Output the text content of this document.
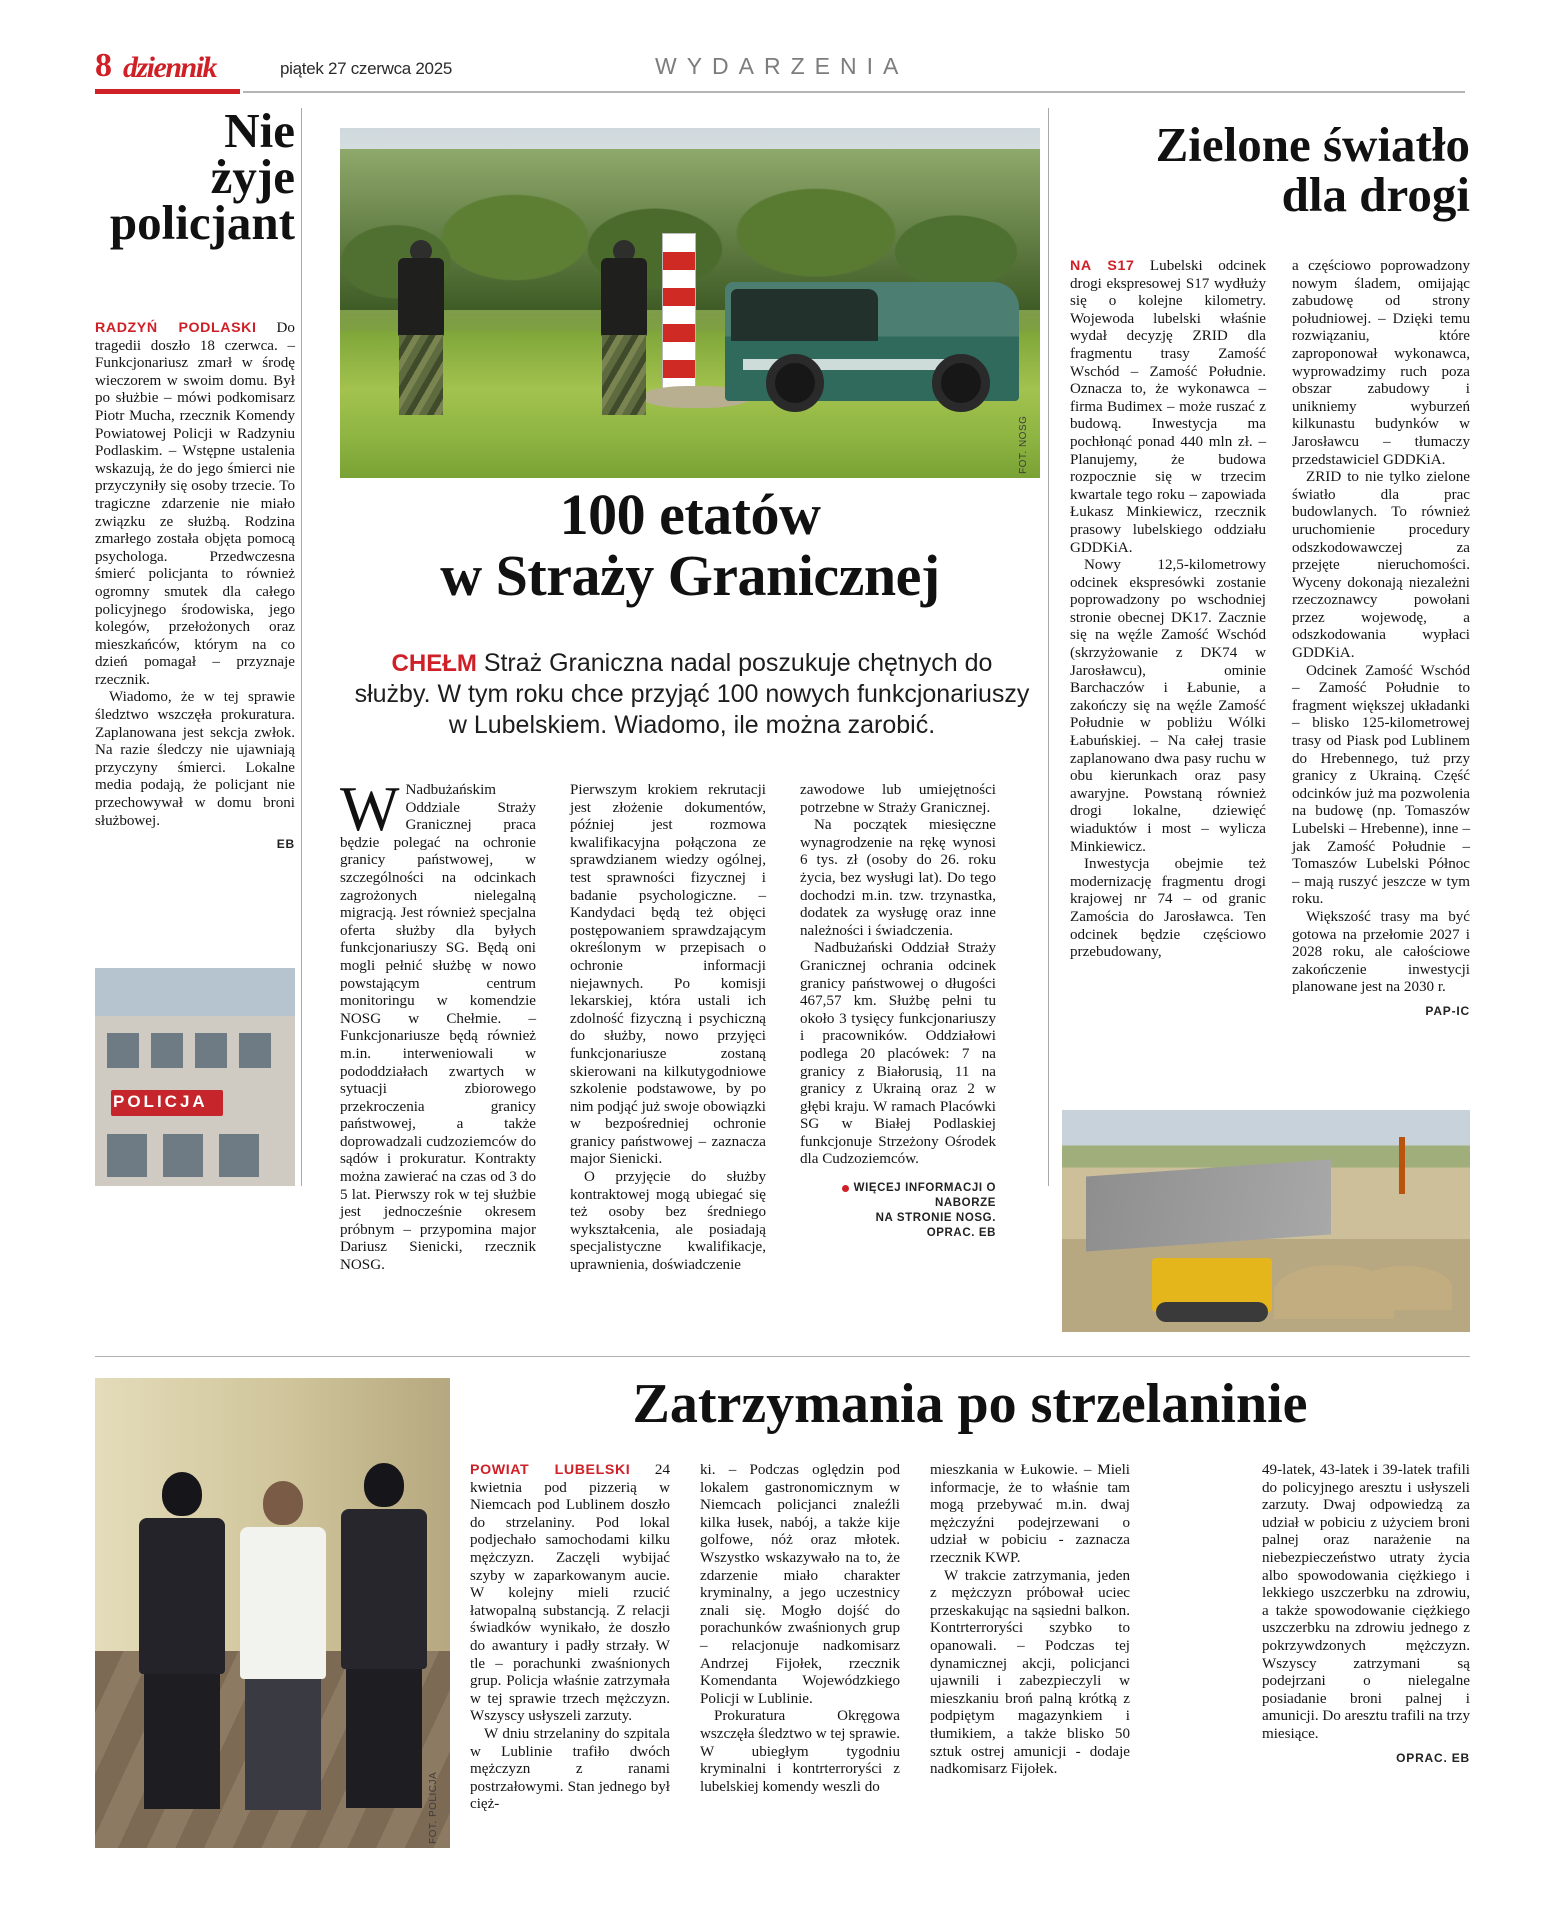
8 dziennik	piątek 27 czerwca 2025	WYDARZENIA
Nie
żyje
policjant

RADZYŃ PODLASKI Do tragedii doszło 18 czerwca. – Funkcjonariusz zmarł w środę wieczorem w swoim domu. Był po służbie – mówi podkomisarz Piotr Mucha, rzecznik Komendy Powiatowej Policji w Radzyniu Podlaskim. – Wstępne ustalenia wskazują, że do jego śmierci nie przyczyniły się osoby trzecie. To tragiczne zdarzenie nie miało związku ze służbą. Rodzina zmarłego została objęta pomocą psychologa. Przedwczesna śmierć policjanta to również ogromny smutek dla całego policyjnego środowiska, jego kolegów, przełożonych oraz mieszkańców, którym na co dzień pomagał – przyznaje rzecznik.

Wiadomo, że w tej sprawie śledztwo wszczęła prokuratura. Zaplanowana jest sekcja zwłok. Na razie śledczy nie ujawniają przyczyny śmierci. Lokalne media podają, że policjant nie przechowywał w domu broni służbowej.

EB
POLICJA
FOT. NOSG
100 etatów
w Straży Granicznej
CHEŁM Straż Graniczna nadal poszukuje chętnych do służby. W tym roku chce przyjąć 100 nowych funkcjonariuszy w Lubelskiem. Wiadomo, ile można zarobić.

WNadbużańskim Oddziale Straży Granicznej praca będzie polegać na ochronie granicy państwowej, w szczególności na odcinkach zagrożonych nielegalną migracją. Jest również specjalna oferta służby dla byłych funkcjonariuszy SG. Będą oni mogli pełnić służbę w nowo powstającym centrum monitoringu w komendzie NOSG w Chełmie. – Funkcjonariusze będą również m.in. interweniowali w pododdziałach zwartych w sytuacji zbiorowego przekroczenia granicy państwowej, a także doprowadzali cudzoziemców do sądów i prokuratur. Kontrakty można zawierać na czas od 3 do 5 lat. Pierwszy rok w tej służbie jest jednocześnie okresem próbnym – przypomina major Dariusz Sienicki, rzecznik NOSG.

Pierwszym krokiem rekrutacji jest złożenie dokumentów, później jest rozmowa kwalifikacyjna połączona ze sprawdzianem wiedzy ogólnej, test sprawności fizycznej i badanie psychologiczne. – Kandydaci będą też objęci postępowaniem sprawdzającym określonym w przepisach o ochronie informacji niejawnych. Po komisji lekarskiej, która ustali ich zdolność fizyczną i psychiczną do służby, nowo przyjęci funkcjonariusze zostaną skierowani na kilkutygodniowe szkolenie podstawowe, by po nim podjąć już swoje obowiązki w bezpośredniej ochronie granicy państwowej – zaznacza major Sienicki.

O przyjęcie do służby kontraktowej mogą ubiegać się też osoby bez średniego wykształcenia, ale posiadają specjalistyczne kwalifikacje, uprawnienia, doświadczenie

zawodowe lub umiejętności potrzebne w Straży Granicznej.

Na początek miesięczne wynagrodzenie na rękę wynosi 6 tys. zł (osoby do 26. roku życia, bez wysługi lat). Do tego dochodzi m.in. tzw. trzynastka, dodatek za wysługę oraz inne należności i świadczenia.

Nadbużański Oddział Straży Granicznej ochrania odcinek granicy państwowej o długości 467,57 km. Służbę pełni tu około 3 tysięcy funkcjonariuszy i pracowników. Oddziałowi podlega 20 placówek: 7 na granicy z Białorusią, 11 na granicy z Ukrainą oraz 2 w głębi kraju. W ramach Placówki SG w Białej Podlaskiej funkcjonuje Strzeżony Ośrodek dla Cudzoziemców.

WIĘCEJ INFORMACJI O NABORZE
NA STRONIE NOSG.
OPRAC. EB
Zielone światło
dla drogi

NA S17 Lubelski odcinek drogi ekspresowej S17 wydłuży się o kolejne kilometry. Wojewoda lubelski właśnie wydał decyzję ZRID dla fragmentu trasy Zamość Wschód – Zamość Południe. Oznacza to, że wykonawca – firma Budimex – może ruszać z budową. Inwestycja ma pochłonąć ponad 440 mln zł. – Planujemy, że budowa rozpocznie się w trzecim kwartale tego roku – zapowiada Łukasz Minkiewicz, rzecznik prasowy lubelskiego oddziału GDDKiA.

Nowy 12,5-kilometrowy odcinek ekspresówki zostanie poprowadzony po wschodniej stronie obecnej DK17. Zacznie się na węźle Zamość Wschód (skrzyżowanie z DK74 w Jarosławcu), ominie Barchaczów i Łabunie, a zakończy się na węźle Zamość Południe w pobliżu Wólki Łabuńskiej. – Na całej trasie zaplanowano dwa pasy ruchu w obu kierunkach oraz pasy awaryjne. Powstaną również drogi lokalne, dziewięć wiaduktów i most – wylicza Minkiewicz.

Inwestycja obejmie też modernizację fragmentu drogi krajowej nr 74 – od granic Zamościa do Jarosławca. Ten odcinek będzie częściowo przebudowany,

a częściowo poprowadzony nowym śladem, omijając zabudowę od strony południowej. – Dzięki temu rozwiązaniu, które zaproponował wykonawca, wyprowadzimy ruch poza obszar zabudowy i unikniemy wyburzeń kilkunastu budynków w Jarosławcu – tłumaczy przedstawiciel GDDKiA.

ZRID to nie tylko zielone światło dla prac budowlanych. To również uruchomienie procedury odszkodowawczej za przejęte nieruchomości. Wyceny dokonają niezależni rzeczoznawcy powołani przez wojewodę, a odszkodowania wypłaci GDDKiA.

Odcinek Zamość Wschód – Zamość Południe to fragment większej układanki – blisko 125-kilometrowej trasy od Piask pod Lublinem do Hrebennego, tuż przy granicy z Ukrainą. Część odcinków już ma pozwolenia na budowę (np. Tomaszów Lubelski – Hrebenne), inne – jak Zamość Południe – Tomaszów Lubelski Północ – mają ruszyć jeszcze w tym roku.

Większość trasy ma być gotowa na przełomie 2027 i 2028 roku, ale całościowe zakończenie inwestycji planowane jest na 2030 r.

PAP-IC
FOT. POLICJA
Zatrzymania po strzelaninie

POWIAT LUBELSKI 24 kwietnia pod pizzerią w Niemcach pod Lublinem doszło do strzelaniny. Pod lokal podjechało samochodami kilku mężczyzn. Zaczęli wybijać szyby w zaparkowanym aucie. W kolejny mieli rzucić łatwopalną substancją. Z relacji świadków wynikało, że doszło do awantury i padły strzały. W tle – porachunki zwaśnionych grup. Policja właśnie zatrzymała w tej sprawie trzech mężczyzn. Wszyscy usłyszeli zarzuty.

W dniu strzelaniny do szpitala w Lublinie trafiło dwóch mężczyzn z ranami postrzałowymi. Stan jednego był cięż-

ki. – Podczas oględzin pod lokalem gastronomicznym w Niemcach policjanci znaleźli kilka łusek, nabój, a także kije golfowe, nóż oraz młotek. Wszystko wskazywało na to, że zdarzenie miało charakter kryminalny, a jego uczestnicy znali się. Mogło dojść do porachunków zwaśnionych grup – relacjonuje nadkomisarz Andrzej Fijołek, rzecznik Komendanta Wojewódzkiego Policji w Lublinie.

Prokuratura Okręgowa wszczęła śledztwo w tej sprawie. W ubiegłym tygodniu kryminalni i kontrterroryści z lubelskiej komendy weszli do

mieszkania w Łukowie. – Mieli informacje, że to właśnie tam mogą przebywać m.in. dwaj mężczyźni podejrzewani o udział w pobiciu - zaznacza rzecznik KWP.

W trakcie zatrzymania, jeden z mężczyzn próbował uciec przeskakując na sąsiedni balkon. Kontrterroryści szybko to opanowali. – Podczas tej dynamicznej akcji, policjanci ujawnili i zabezpieczyli w mieszkaniu broń palną krótką z podpiętym magazynkiem i tłumikiem, a także blisko 50 sztuk ostrej amunicji - dodaje nadkomisarz Fijołek.

49-latek, 43-latek i 39-latek trafili do policyjnego aresztu i usłyszeli zarzuty. Dwaj odpowiedzą za udział w pobiciu z użyciem broni palnej oraz narażenie na niebezpieczeństwo utraty życia albo spowodowania ciężkiego i lekkiego uszczerbku na zdrowiu, a także spowodowanie ciężkiego uszczerbku na zdrowiu jednego z pokrzywdzonych mężczyzn. Wszyscy zatrzymani są podejrzani o nielegalne posiadanie broni palnej i amunicji. Do aresztu trafili na trzy miesiące.

OPRAC. EB
